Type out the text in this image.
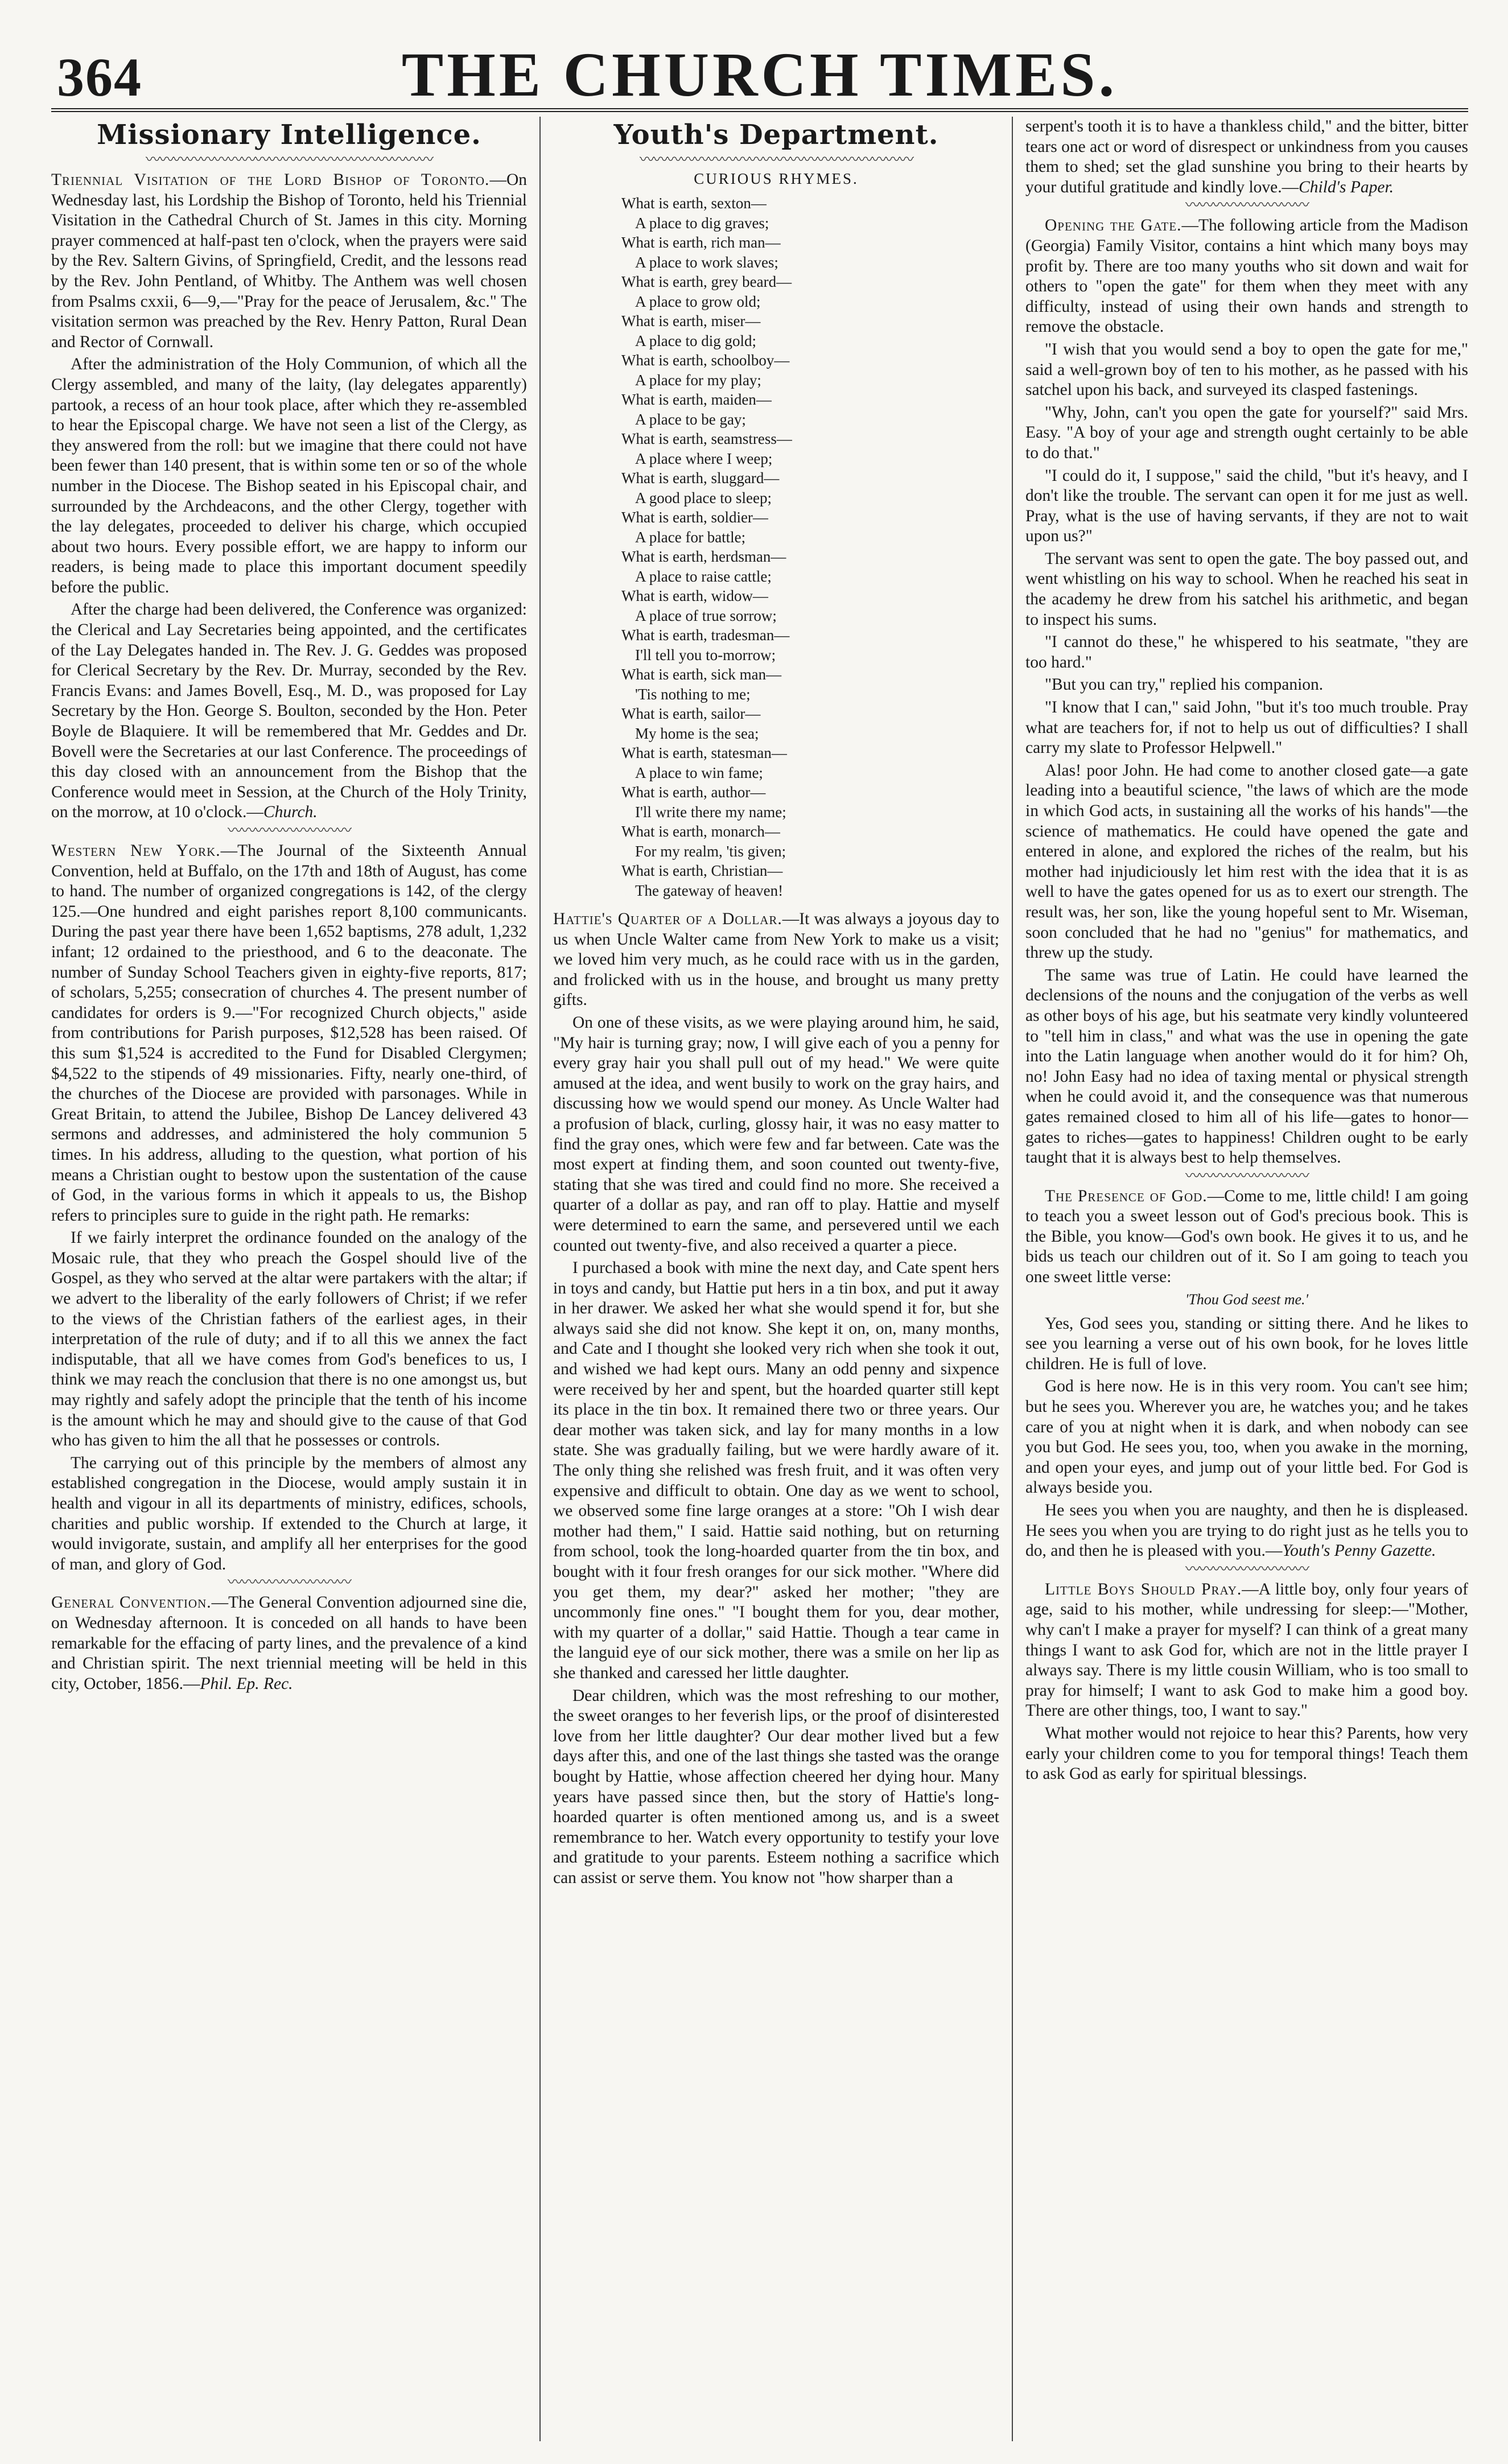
364	THE CHURCH TIMES.
Missionary Intelligence.
〰〰〰〰〰〰〰〰〰〰〰〰〰〰〰〰〰〰〰〰〰

Triennial Visitation of the Lord Bishop of Toronto.—On Wednesday last, his Lordship the Bishop of Toronto, held his Triennial Visitation in the Cathedral Church of St. James in this city. Morning prayer commenced at half-past ten o'clock, when the prayers were said by the Rev. Saltern Givins, of Springfield, Credit, and the lessons read by the Rev. John Pentland, of Whitby. The Anthem was well chosen from Psalms cxxii, 6—9,—"Pray for the peace of Jerusalem, &c." The visitation sermon was preached by the Rev. Henry Patton, Rural Dean and Rector of Cornwall.

After the administration of the Holy Communion, of which all the Clergy assembled, and many of the laity, (lay delegates apparently) partook, a recess of an hour took place, after which they re-assembled to hear the Episcopal charge. We have not seen a list of the Clergy, as they answered from the roll: but we imagine that there could not have been fewer than 140 present, that is within some ten or so of the whole number in the Diocese. The Bishop seated in his Episcopal chair, and surrounded by the Archdeacons, and the other Clergy, together with the lay delegates, proceeded to deliver his charge, which occupied about two hours. Every possible effort, we are happy to inform our readers, is being made to place this important document speedily before the public.

After the charge had been delivered, the Conference was organized: the Clerical and Lay Secretaries being appointed, and the certificates of the Lay Delegates handed in. The Rev. J. G. Geddes was proposed for Clerical Secretary by the Rev. Dr. Murray, seconded by the Rev. Francis Evans: and James Bovell, Esq., M. D., was proposed for Lay Secretary by the Hon. George S. Boulton, seconded by the Hon. Peter Boyle de Blaquiere. It will be remembered that Mr. Geddes and Dr. Bovell were the Secretaries at our last Conference. The proceedings of this day closed with an announcement from the Bishop that the Conference would meet in Session, at the Church of the Holy Trinity, on the morrow, at 10 o'clock.—Church.

〰〰〰〰〰〰〰〰〰

Western New York.—The Journal of the Sixteenth Annual Convention, held at Buffalo, on the 17th and 18th of August, has come to hand. The number of organized congregations is 142, of the clergy 125.—One hundred and eight parishes report 8,100 communicants. During the past year there have been 1,652 baptisms, 278 adult, 1,232 infant; 12 ordained to the priesthood, and 6 to the deaconate. The number of Sunday School Teachers given in eighty-five reports, 817; of scholars, 5,255; consecration of churches 4. The present number of candidates for orders is 9.—"For recognized Church objects," aside from contributions for Parish purposes, $12,528 has been raised. Of this sum $1,524 is accredited to the Fund for Disabled Clergymen; $4,522 to the stipends of 49 missionaries. Fifty, nearly one-third, of the churches of the Diocese are provided with parsonages. While in Great Britain, to attend the Jubilee, Bishop De Lancey delivered 43 sermons and addresses, and administered the holy communion 5 times. In his address, alluding to the question, what portion of his means a Christian ought to bestow upon the sustentation of the cause of God, in the various forms in which it appeals to us, the Bishop refers to principles sure to guide in the right path. He remarks:

If we fairly interpret the ordinance founded on the analogy of the Mosaic rule, that they who preach the Gospel should live of the Gospel, as they who served at the altar were partakers with the altar; if we advert to the liberality of the early followers of Christ; if we refer to the views of the Christian fathers of the earliest ages, in their interpretation of the rule of duty; and if to all this we annex the fact indisputable, that all we have comes from God's benefices to us, I think we may reach the conclusion that there is no one amongst us, but may rightly and safely adopt the principle that the tenth of his income is the amount which he may and should give to the cause of that God who has given to him the all that he possesses or controls.

The carrying out of this principle by the members of almost any established congregation in the Diocese, would amply sustain it in health and vigour in all its departments of ministry, edifices, schools, charities and public worship. If extended to the Church at large, it would invigorate, sustain, and amplify all her enterprises for the good of man, and glory of God.

〰〰〰〰〰〰〰〰〰

General Convention.—The General Convention adjourned sine die, on Wednesday afternoon. It is conceded on all hands to have been remarkable for the effacing of party lines, and the prevalence of a kind and Christian spirit. The next triennial meeting will be held in this city, October, 1856.—Phil. Ep. Rec.

Youth's Department.
〰〰〰〰〰〰〰〰〰〰〰〰〰〰〰〰〰〰〰〰
CURIOUS RHYMES.
What is earth, sexton—
A place to dig graves;
What is earth, rich man—
A place to work slaves;
What is earth, grey beard—
A place to grow old;
What is earth, miser—
A place to dig gold;
What is earth, schoolboy—
A place for my play;
What is earth, maiden—
A place to be gay;
What is earth, seamstress—
A place where I weep;
What is earth, sluggard—
A good place to sleep;
What is earth, soldier—
A place for battle;
What is earth, herdsman—
A place to raise cattle;
What is earth, widow—
A place of true sorrow;
What is earth, tradesman—
I'll tell you to-morrow;
What is earth, sick man—
'Tis nothing to me;
What is earth, sailor—
My home is the sea;
What is earth, statesman—
A place to win fame;
What is earth, author—
I'll write there my name;
What is earth, monarch—
For my realm, 'tis given;
What is earth, Christian—
The gateway of heaven!

Hattie's Quarter of a Dollar.—It was always a joyous day to us when Uncle Walter came from New York to make us a visit; we loved him very much, as he could race with us in the garden, and frolicked with us in the house, and brought us many pretty gifts.

On one of these visits, as we were playing around him, he said, "My hair is turning gray; now, I will give each of you a penny for every gray hair you shall pull out of my head." We were quite amused at the idea, and went busily to work on the gray hairs, and discussing how we would spend our money. As Uncle Walter had a profusion of black, curling, glossy hair, it was no easy matter to find the gray ones, which were few and far between. Cate was the most expert at finding them, and soon counted out twenty-five, stating that she was tired and could find no more. She received a quarter of a dollar as pay, and ran off to play. Hattie and myself were determined to earn the same, and persevered until we each counted out twenty-five, and also received a quarter a piece.

I purchased a book with mine the next day, and Cate spent hers in toys and candy, but Hattie put hers in a tin box, and put it away in her drawer. We asked her what she would spend it for, but she always said she did not know. She kept it on, on, many months, and Cate and I thought she looked very rich when she took it out, and wished we had kept ours. Many an odd penny and sixpence were received by her and spent, but the hoarded quarter still kept its place in the tin box. It remained there two or three years. Our dear mother was taken sick, and lay for many months in a low state. She was gradually failing, but we were hardly aware of it. The only thing she relished was fresh fruit, and it was often very expensive and difficult to obtain. One day as we went to school, we observed some fine large oranges at a store: "Oh I wish dear mother had them," I said. Hattie said nothing, but on returning from school, took the long-hoarded quarter from the tin box, and bought with it four fresh oranges for our sick mother. "Where did you get them, my dear?" asked her mother; "they are uncommonly fine ones." "I bought them for you, dear mother, with my quarter of a dollar," said Hattie. Though a tear came in the languid eye of our sick mother, there was a smile on her lip as she thanked and caressed her little daughter.

Dear children, which was the most refreshing to our mother, the sweet oranges to her feverish lips, or the proof of disinterested love from her little daughter? Our dear mother lived but a few days after this, and one of the last things she tasted was the orange bought by Hattie, whose affection cheered her dying hour. Many years have passed since then, but the story of Hattie's long-hoarded quarter is often mentioned among us, and is a sweet remembrance to her. Watch every opportunity to testify your love and gratitude to your parents. Esteem nothing a sacrifice which can assist or serve them. You know not "how sharper than a

serpent's tooth it is to have a thankless child," and the bitter, bitter tears one act or word of disrespect or unkindness from you causes them to shed; set the glad sunshine you bring to their hearts by your dutiful gratitude and kindly love.—Child's Paper.

〰〰〰〰〰〰〰〰〰

Opening the Gate.—The following article from the Madison (Georgia) Family Visitor, contains a hint which many boys may profit by. There are too many youths who sit down and wait for others to "open the gate" for them when they meet with any difficulty, instead of using their own hands and strength to remove the obstacle.

"I wish that you would send a boy to open the gate for me," said a well-grown boy of ten to his mother, as he passed with his satchel upon his back, and surveyed its clasped fastenings.

"Why, John, can't you open the gate for yourself?" said Mrs. Easy. "A boy of your age and strength ought certainly to be able to do that."

"I could do it, I suppose," said the child, "but it's heavy, and I don't like the trouble. The servant can open it for me just as well. Pray, what is the use of having servants, if they are not to wait upon us?"

The servant was sent to open the gate. The boy passed out, and went whistling on his way to school. When he reached his seat in the academy he drew from his satchel his arithmetic, and began to inspect his sums.

"I cannot do these," he whispered to his seatmate, "they are too hard."

"But you can try," replied his companion.

"I know that I can," said John, "but it's too much trouble. Pray what are teachers for, if not to help us out of difficulties? I shall carry my slate to Professor Helpwell."

Alas! poor John. He had come to another closed gate—a gate leading into a beautiful science, "the laws of which are the mode in which God acts, in sustaining all the works of his hands"—the science of mathematics. He could have opened the gate and entered in alone, and explored the riches of the realm, but his mother had injudiciously let him rest with the idea that it is as well to have the gates opened for us as to exert our strength. The result was, her son, like the young hopeful sent to Mr. Wiseman, soon concluded that he had no "genius" for mathematics, and threw up the study.

The same was true of Latin. He could have learned the declensions of the nouns and the conjugation of the verbs as well as other boys of his age, but his seatmate very kindly volunteered to "tell him in class," and what was the use in opening the gate into the Latin language when another would do it for him? Oh, no! John Easy had no idea of taxing mental or physical strength when he could avoid it, and the consequence was that numerous gates remained closed to him all of his life—gates to honor—gates to riches—gates to happiness! Children ought to be early taught that it is always best to help themselves.

〰〰〰〰〰〰〰〰〰

The Presence of God.—Come to me, little child! I am going to teach you a sweet lesson out of God's precious book. This is the Bible, you know—God's own book. He gives it to us, and he bids us teach our children out of it. So I am going to teach you one sweet little verse:

'Thou God seest me.'

Yes, God sees you, standing or sitting there. And he likes to see you learning a verse out of his own book, for he loves little children. He is full of love.

God is here now. He is in this very room. You can't see him; but he sees you. Wherever you are, he watches you; and he takes care of you at night when it is dark, and when nobody can see you but God. He sees you, too, when you awake in the morning, and open your eyes, and jump out of your little bed. For God is always beside you.

He sees you when you are naughty, and then he is displeased. He sees you when you are trying to do right just as he tells you to do, and then he is pleased with you.—Youth's Penny Gazette.

〰〰〰〰〰〰〰〰〰

Little Boys Should Pray.—A little boy, only four years of age, said to his mother, while undressing for sleep:—"Mother, why can't I make a prayer for myself? I can think of a great many things I want to ask God for, which are not in the little prayer I always say. There is my little cousin William, who is too small to pray for himself; I want to ask God to make him a good boy. There are other things, too, I want to say."

What mother would not rejoice to hear this? Parents, how very early your children come to you for temporal things! Teach them to ask God as early for spiritual blessings.
